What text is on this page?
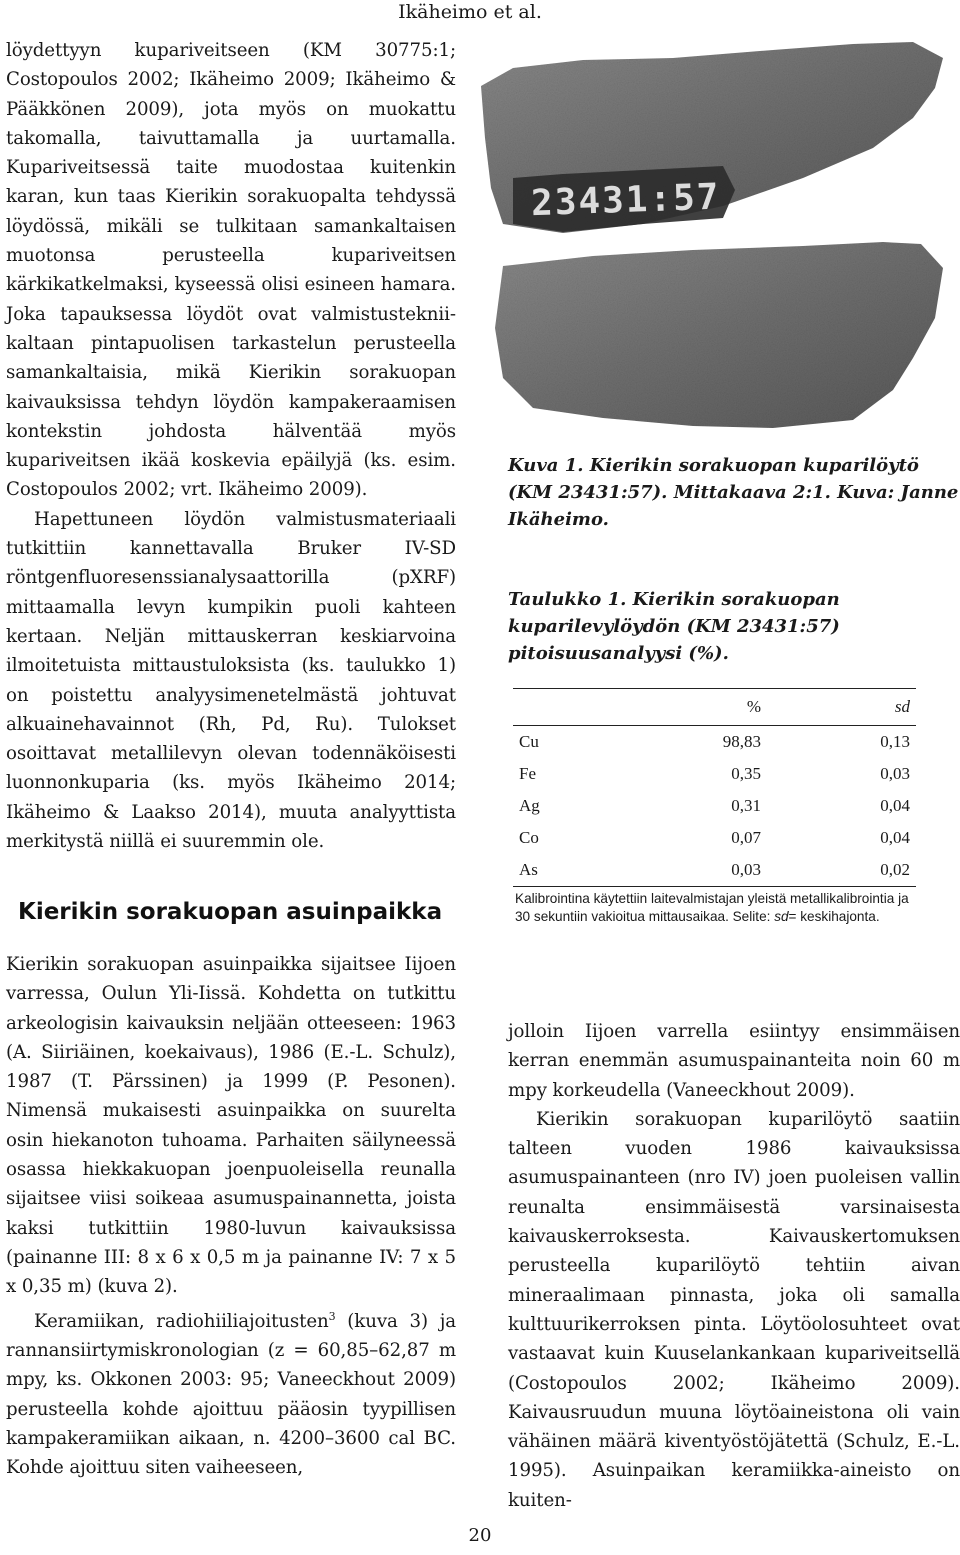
Ikäheimo et al.

löydettyyn kupariveitseen (KM 30775:1; Costopoulos 2002; Ikäheimo 2009; Ikäheimo & Pääkkönen 2009), jota myös on muokattu takomalla, taivuttamalla ja uurtamalla. Kupariveitsessä taite muodostaa kuitenkin karan, kun taas Kierikin sorakuopalta tehdyssä löydössä, mikäli se tulkitaan samankaltaisen muotonsa perusteella kupariveitsen kärkikatkelmaksi, kyseessä olisi esineen hamara. Joka tapauksessa löydöt ovat valmistustekniikaltaan pintapuolisen tarkastelun perusteella samankaltaisia, mikä Kierikin sorakuopan kaivauksissa tehdyn löydön kampakeraamisen kontekstin johdosta hälventää myös kupariveitsen ikää koskevia epäilyjä (ks. esim. Costopoulos 2002; vrt. Ikäheimo 2009).

Hapettuneen löydön valmistusmateriaali tutkittiin kannettavalla Bruker IV-SD röntgenfluoresenssianalysaattorilla (pXRF) mittaamalla levyn kumpikin puoli kahteen kertaan. Neljän mittauskerran keskiarvoina ilmoitetuista mittaustuloksista (ks. taulukko 1) on poistettu analyysimenetelmästä johtuvat alkuainehavainnot (Rh, Pd, Ru). Tulokset osoittavat metallilevyn olevan todennäköisesti luonnonkuparia (ks. myös Ikäheimo 2014; Ikäheimo & Laakso 2014), muuta analyyttista merkitystä niillä ei suuremmin ole.

Kierikin sorakuopan asuinpaikka

Kierikin sorakuopan asuinpaikka sijaitsee Iijoen varressa, Oulun Yli-Iissä. Kohdetta on tutkittu arkeologisin kaivauksin neljään otteeseen: 1963 (A. Siiriäinen, koekaivaus), 1986 (E.-L. Schulz), 1987 (T. Pärssinen) ja 1999 (P. Pesonen). Nimensä mukaisesti asuinpaikka on suurelta osin hiekanoton tuhoama. Parhaiten säilyneessä osassa hiekkakuopan joenpuoleisella reunalla sijaitsee viisi soikeaa asumuspainannetta, joista kaksi tutkittiin 1980-luvun kaivauksissa (painanne III: 8 x 6 x 0,5 m ja painanne IV: 7 x 5 x 0,35 m) (kuva 2).

Keramiikan, radiohiiliajoitusten$^3$ (kuva 3) ja rannansiirtymiskronologian (z = 60,85–62,87 m mpy, ks. Okkonen 2003: 95; Vaneeckhout 2009) perusteella kohde ajoittuu pääosin tyypillisen kampakeramiikan aikaan, n. 4200–3600 cal BC. Kohde ajoittuu siten vaiheeseen,

23431:57

Kuva 1. Kierikin sorakuopan kuparilöytö (KM 23431:57). Mittakaava 2:1. Kuva: Janne Ikäheimo.

Taulukko 1. Kierikin sorakuopan kuparilevylöydön (KM 23431:57) pitoisuusanalyysi (%).

	%	sd
Cu	98,83	0,13
Fe	0,35	0,03
Ag	0,31	0,04
Co	0,07	0,04
As	0,03	0,02

Kalibrointina käytettiin laitevalmistajan yleistä metallikalibrointia ja 30 sekuntiin vakioitua mittausaikaa. Selite: sd= keskihajonta.

jolloin Iijoen varrella esiintyy ensimmäisen kerran enemmän asumuspainanteita noin 60 m mpy korkeudella (Vaneeckhout 2009).

Kierikin sorakuopan kuparilöytö saatiin talteen vuoden 1986 kaivauksissa asumuspainanteen (nro IV) joen puoleisen vallin reunalta ensimmäisestä varsinaisesta kaivauskerroksesta. Kaivauskertomuksen perusteella kuparilöytö tehtiin aivan mineraalimaan pinnasta, joka oli samalla kulttuurikerroksen pinta. Löytöolosuhteet ovat vastaavat kuin Kuuselankankaan kupariveitsellä (Costopoulos 2002; Ikäheimo 2009). Kaivausruudun muuna löytöaineistona oli vain vähäinen määrä kiventyöstöjätettä (Schulz, E.-L. 1995). Asuinpaikan keramiikka-aineisto on kuiten-

20
